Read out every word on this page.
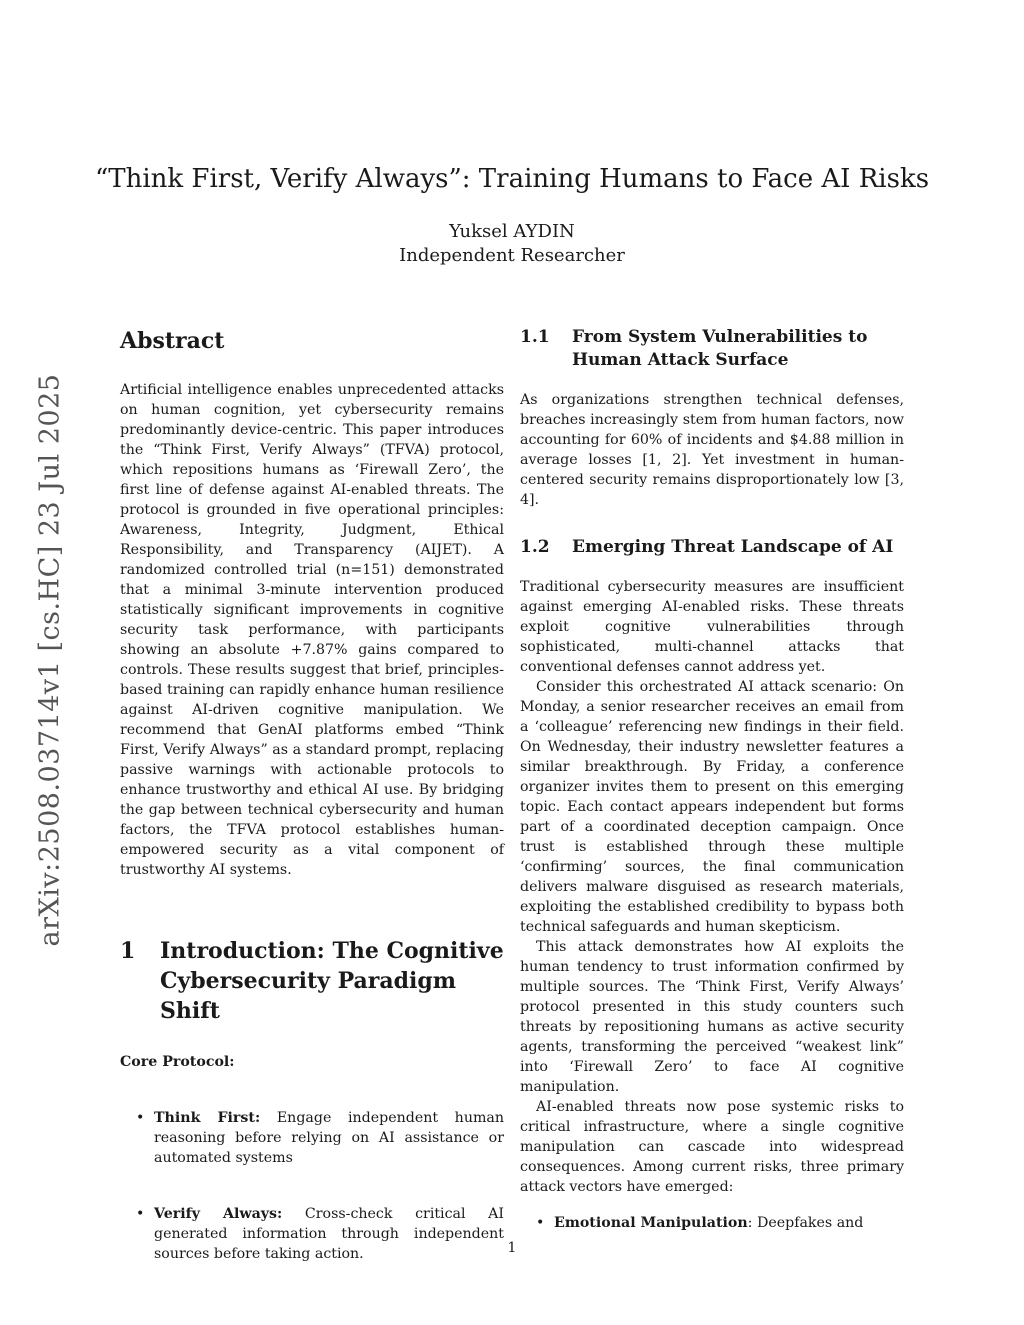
arXiv:2508.03714v1 [cs.HC] 23 Jul 2025
“Think First, Verify Always”: Training Humans to Face AI Risks
Yuksel AYDIN
Independent Researcher
Abstract

Artificial intelligence enables unprecedented attacks on human cognition, yet cybersecurity remains predominantly device-centric. This paper introduces the “Think First, Verify Always” (TFVA) protocol, which repositions humans as ‘Firewall Zero’, the first line of defense against AI-enabled threats. The protocol is grounded in five operational principles: Awareness, Integrity, Judgment, Ethical Responsibility, and Transparency (AIJET). A randomized controlled trial (n=151) demonstrated that a minimal 3-minute intervention produced statistically significant improvements in cognitive security task performance, with participants showing an absolute +7.87% gains compared to controls. These results suggest that brief, principles-based training can rapidly enhance human resilience against AI-driven cognitive manipulation. We recommend that GenAI platforms embed “Think First, Verify Always” as a standard prompt, replacing passive warnings with actionable protocols to enhance trustworthy and ethical AI use. By bridging the gap between technical cybersecurity and human factors, the TFVA protocol establishes human-empowered security as a vital component of trustworthy AI systems.

1	Introduction: The Cognitive Cybersecurity Paradigm Shift
Core Protocol:
• Think First: Engage independent human reasoning before relying on AI assistance or automated systems
• Verify Always: Cross-check critical AI generated information through independent sources before taking action.
1.1	From System Vulnerabilities to Human Attack Surface

As organizations strengthen technical defenses, breaches increasingly stem from human factors, now accounting for 60% of incidents and $4.88 million in average losses [1, 2]. Yet investment in human-centered security remains disproportionately low [3, 4].

1.2	Emerging Threat Landscape of AI

Traditional cybersecurity measures are insufficient against emerging AI-enabled risks. These threats exploit cognitive vulnerabilities through sophisticated, multi-channel attacks that conventional defenses cannot address yet.

Consider this orchestrated AI attack scenario: On Monday, a senior researcher receives an email from a ‘colleague’ referencing new findings in their field. On Wednesday, their industry newsletter features a similar breakthrough. By Friday, a conference organizer invites them to present on this emerging topic. Each contact appears independent but forms part of a coordinated deception campaign. Once trust is established through these multiple ‘confirming’ sources, the final communication delivers malware disguised as research materials, exploiting the established credibility to bypass both technical safeguards and human skepticism.

This attack demonstrates how AI exploits the human tendency to trust information confirmed by multiple sources. The ‘Think First, Verify Always’ protocol presented in this study counters such threats by repositioning humans as active security agents, transforming the perceived “weakest link” into ‘Firewall Zero’ to face AI cognitive manipulation.

AI-enabled threats now pose systemic risks to critical infrastructure, where a single cognitive manipulation can cascade into widespread consequences. Among current risks, three primary attack vectors have emerged:

• Emotional Manipulation: Deepfakes and
1
